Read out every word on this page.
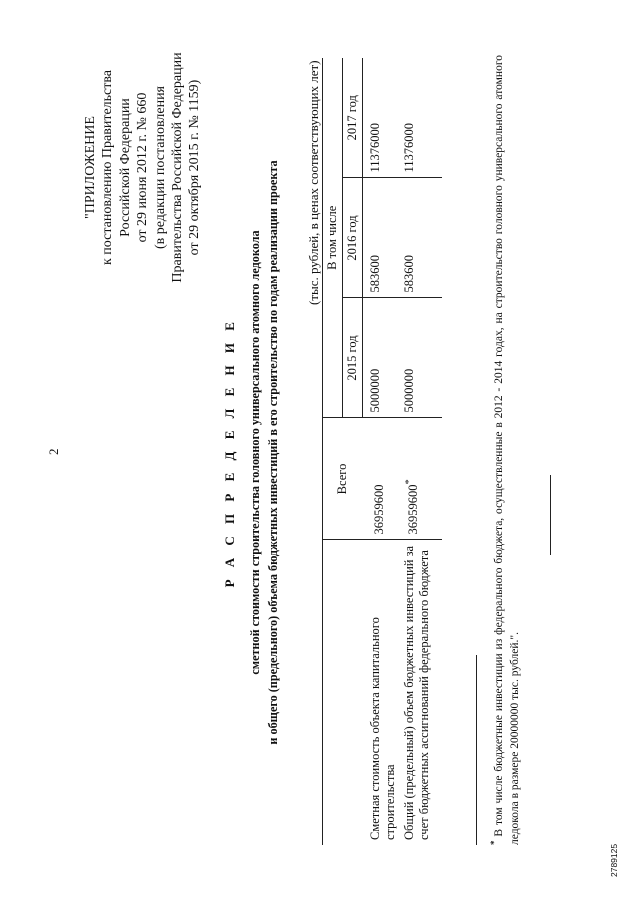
2
"ПРИЛОЖЕНИЕ к постановлению Правительства Российской Федерации от 29 июня 2012 г. № 660 (в редакции постановления Правительства Российской Федерации от 29 октября 2015 г. № 1159)
Р А С П Р Е Д Е Л Е Н И Е сметной стоимости строительства головного универсального атомного ледокола и общего (предельного) объема бюджетных инвестиций в его строительство по годам реализации проекта (тыс. рублей, в ценах соответствующих лет)
	Всего	В том числе		
		2015 год	2016 год	2017 год
Сметная стоимость объекта капитального строительства	36959600	5000000	583600	11376000
Общий (предельный) объем бюджетных инвестиций за счет бюджетных ассигнований федерального бюджета	36959600*	5000000	583600	11376000
* В том числе бюджетные инвестиции из федерального бюджета, осуществленные в 2012 - 2014 годах, на строительство головного универсального атомного ледокола в размере 20000000 тыс. рублей.".
2789125
